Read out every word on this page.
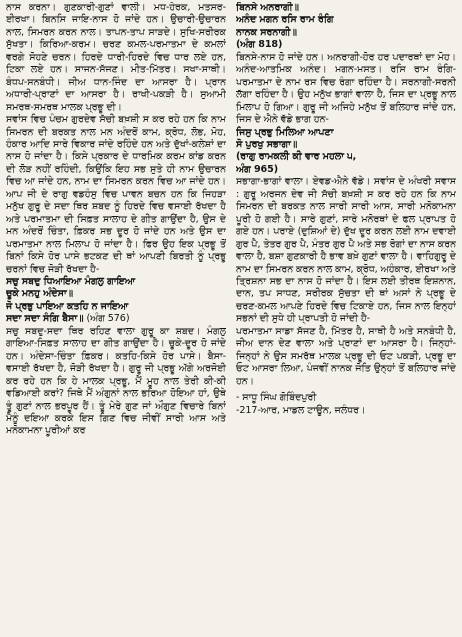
ਨਾਸ ਕਰਨਾ। ਗੁਣਕਾਰੀ-ਗੁਣਾਂ ਵਾਲੀ। ਮਧ-ਹੇਰਕ, ਮਤਸਰ-ਈਰਖਾ। ਬਿਨਸਿ ਜਾਇ-ਨਾਸ ਹੋ ਜਾਂਦੇ ਹਨ। ਉਚਾਰੀ-ਉਚਾਰਨ ਨਾਲ, ਸਿਮਰਨ ਕਰਨ ਨਾਲ। ਤਾਪਨ-ਤਾਪ ਸਾੜਦੇ। ਸੁਖਿ-ਸਰੀਰਕ ਸੁੱਖਤਾ। ਕਿਰਿਆ-ਕਰਮ। ਚਰਣ ਕਮਲ-ਪਰਮਾਤਮਾ ਦੇ ਕਮਲਾਂ ਵਰਗੇ ਸੋਹਣੇ ਚਰਨ। ਹਿਰਦੇ ਧਾਰੀ-ਹਿਰਦੇ ਵਿਚ ਧਾਰ ਲਏ ਹਨ, ਟਿਕਾ ਲਏ ਹਨ। ਸਾਜਨ-ਸੱਜਣ। ਮੀਤ-ਮਿੱਤਰ। ਸਖਾ-ਸਾਥੀ। ਬੰਧਪ-ਸਨਬੰਧੀ। ਜੀਅ ਧਾਨ-ਜਿੰਦ ਦਾ ਆਸਰਾ ਹੈ। ਪ੍ਰਾਨ ਅਧਾਰੀ-ਪ੍ਰਾਣਾਂ ਦਾ ਆਸਰਾ ਹੈ। ਰਾਖੀ-ਪਕੜੀ ਹੈ। ਸੁਆਮੀ ਸਮਰਥ-ਸਮਰਥ ਮਾਲਕ ਪ੍ਰਭੂ ਦੀ।

ਸਵਾਂਸ ਵਿਚ ਪੰਚਮ ਗੁਰਦੇਵ ਸੱਚੀ ਬਖ਼ਸ਼ੀ ਸ ਕਰ ਰਹੇ ਹਨ ਕਿ ਨਾਮ ਸਿਮਰਨ ਦੀ ਬਰਕਤ ਨਾਲ ਮਨ ਅੰਦਰੋਂ ਕਾਮ, ਕ੍ਰੋਧ, ਲੋਭ, ਮੋਹ, ਹੰਕਾਰ ਆਦਿ ਸਾਰੇ ਵਿਕਾਰ ਜਾਂਦੇ ਰਹਿੰਦੇ ਹਨ ਅਤੇ ਦੁੱਖਾਂ-ਕਲੇਸ਼ਾਂ ਦਾ ਨਾਸ ਹੋ ਜਾਂਦਾ ਹੈ। ਕਿਸੇ ਪ੍ਰਕਾਰ ਦੇ ਧਾਰਮਿਕ ਕਰਮ ਕਾਂਡ ਕਰਨ ਦੀ ਲੋੜ ਨਹੀਂ ਰਹਿੰਦੀ, ਕਿਉਂਕਿ ਇਹ ਸਭ ਸੁਤੇ ਹੀ ਨਾਮ ਉਚਾਰਨ ਵਿਚ ਆ ਜਾਂਦੇ ਹਨ, ਨਾਮ ਦਾ ਸਿਮਰਨ ਕਰਨ ਵਿਚ ਆ ਜਾਂਦੇ ਹਨ। ਆਪ ਜੀ ਦੇ ਰਾਗੁ ਵਡਹੰਸੁ ਵਿਚ ਪਾਵਨ ਬਚਨ ਹਨ ਕਿ ਜਿਹੜਾ ਮਨੁੱਖ ਗੁਰੂ ਦੇ ਸਦਾ ਥਿਰ ਸ਼ਬਦ ਨੂੰ ਹਿਰਦੇ ਵਿਚ ਵਸਾਈ ਰੱਖਦਾ ਹੈ ਅਤੇ ਪਰਮਾਤਮਾ ਦੀ ਸਿਫ਼ਤ ਸਾਲਾਹ ਦੇ ਗੀਤ ਗਾਉਂਦਾ ਹੈ, ਉਸ ਦੇ ਮਨ ਅੰਦਰੋਂ ਚਿੰਤਾ, ਫ਼ਿਕਰ ਸਭ ਦੂਰ ਹੋ ਜਾਂਦੇ ਹਨ ਅਤੇ ਉਸ ਦਾ ਪਰਮਾਤਮਾ ਨਾਲ ਮਿਲਾਪ ਹੋ ਜਾਂਦਾ ਹੈ। ਫਿਰ ਉਹ ਇਕ ਪ੍ਰਭੂ ਤੋਂ ਬਿਨਾਂ ਕਿਸੇ ਹੋਰ ਪਾਸੇ ਭਟਕਣ ਦੀ ਥਾਂ ਆਪਣੀ ਬਿਰਤੀ ਨੂੰ ਪ੍ਰਭੂ ਚਰਨਾਂ ਵਿਚ ਜੋੜੀ ਰੱਖਦਾ ਹੈ-

ਸਚੁ ਸਬਦੁ ਧਿਆਇਆ ਮੰਗਲੁ ਗਾਇਆ

ਚੂਕੇ ਮਨਹੁ ਅੰਦੇਸਾ॥

ਜੋ ਪ੍ਰਭੁ ਪਾਇਆ ਕਤਹਿ ਨ ਜਾਇਆ

ਸਦਾ ਸਦਾ ਸੰਗਿ ਬੈਸਾ॥ (ਅੰਗ 576)

ਸਚੁ ਸਬਦੁ-ਸਦਾ ਥਿਰ ਰਹਿਣ ਵਾਲਾ ਗੁਰੂ ਕਾ ਸ਼ਬਦ। ਮੰਗਲੁ ਗਾਇਆ-ਸਿਫ਼ਤ ਸਾਲਾਹ ਦਾ ਗੀਤ ਗਾਉਂਦਾ ਹੈ। ਚੂਕੇ-ਦੂਰ ਹੋ ਜਾਂਦੇ ਹਨ। ਅੰਦੇਸਾ-ਚਿੰਤਾ ਫ਼ਿਕਰ। ਕਤਹਿ-ਕਿਸੇ ਹੋਰ ਪਾਸੇ। ਬੈਸਾ-ਵਸਾਈ ਰੱਖਦਾ ਹੈ, ਜੋੜੀ ਰੱਖਦਾ ਹੈ। ਗੁਰੂ ਜੀ ਪ੍ਰਭੂ ਅੱਗੇ ਅਰਜੋਈ ਕਰ ਰਹੇ ਹਨ ਕਿ ਹੇ ਮਾਲਕ ਪ੍ਰਭੂ, ਮੈਂ ਮੂਹ ਨਾਲ ਤੇਰੀ ਕੀ-ਕੀ ਵਡਿਆਈ ਕਰਾਂ? ਜਿਥੇ ਮੈਂ ਅੰਗੁਨਾਂ ਨਾਲ ਭਰਿਆ ਹੋਇਆ ਹਾਂ, ਉਥੇ ਤੂੰ ਗੁਣਾਂ ਨਾਲ ਭਰਪੂਰ ਹੈਂ। ਤੂੰ ਮੇਰੇ ਗੁਣ ਜਾਂ ਔਗੁਣ ਵਿਚਾਰੇ ਬਿਨਾਂ ਮੈਨੂੰ ਦਇਆ ਕਰਕੇ ਇਸ ਗਿਣ ਵਿਚ ਜੀਵੀਂ ਸਾਰੀ ਆਸ ਅਤੇ ਮਨੋਕਾਮਨਾ ਪੂਰੀਆਂ ਕਰ

ਬਿਨਸੇ ਅਨਰਾਗੀ॥

ਅਨੰਦ ਮਗਨ ਰਸਿ ਰਾਮ ਰੰਗਿ

ਨਾਨਕ ਸਰਨਾਗੀ॥

(ਅੰਗ 818)

ਬਿਨਸੇ-ਨਾਸ ਹੋ ਜਾਂਦੇ ਹਨ। ਅਨਰਾਗੀ-ਹੋਰ ਹਰ ਪਦਾਰਥਾਂ ਦਾ ਮੋਹ। ਅਨੰਦ-ਆਤਮਿਕ ਅਨੰਦ। ਮਗਨ-ਮਸਤ। ਰਸਿ ਰਾਮ ਰੰਗਿ-ਪਰਮਾਤਮਾ ਦੇ ਨਾਮ ਰਸ ਵਿਚ ਰੰਗਾ ਰਹਿੰਦਾ ਹੈ। ਸਰਨਾਗੀ-ਸਰਨੀ ਲੱਗਾ ਰਹਿੰਦਾ ਹੈ। ਉਹ ਮਨੁੱਖ ਭਾਗਾਂ ਵਾਲਾ ਹੈ, ਜਿਸ ਦਾ ਪ੍ਰਭੂ ਨਾਲ ਮਿਲਾਪ ਹੋ ਗਿਆ। ਗੁਰੂ ਜੀ ਅਜਿਹੇ ਮਨੁੱਖ ਤੋਂ ਬਲਿਹਾਰ ਜਾਂਦੇ ਹਨ, ਜਿਸ ਦੇ ਐਨੇ ਵੱਡੇ ਭਾਗ ਹਨ-

ਜਿਸੁ ਪ੍ਰਭੁ ਮਿਲਿਆ ਆਪਣਾ

ਸੋ ਪੁਰਖੁ ਸਭਾਗਾ॥

(ਰਾਗੁ ਰਾਮਕਲੀ ਕੀ ਵਾਰ ਮਹਲਾ ੫,

ਅੰਗ 965)

ਸਭਾਗਾ-ਭਾਗਾਂ ਵਾਲਾ। ਏਵਡ-ਐਨੇ ਵੱਡੇ। ਸਵਾਂਸ ਦੇ ਅੰਖਰੀ ਸਵਾਸ : ਗੁਰੂ ਅਰਜਨ ਦੇਵ ਜੀ ਸੱਚੀ ਬਖ਼ਸ਼ੀ ਸ ਕਰ ਰਹੇ ਹਨ ਕਿ ਨਾਮ ਸਿਮਰਨ ਦੀ ਬਰਕਤ ਨਾਲ ਸਾਰੀ ਸਾਰੀ ਆਸ, ਸਾਰੀ ਮਨੋਕਾਮਨਾ ਪੂਰੀ ਹੋ ਗਈ ਹੈ। ਸਾਰੇ ਗੁਣਾਂ, ਸਾਰੇ ਮਨੋਰਥਾਂ ਦੇ ਫਲ ਪ੍ਰਾਪਤ ਹੋ ਗਏ ਹਨ। ਪਰਾਏ (ਦੁਸ਼ਿਆਂ ਦੇ) ਦੁੱਖ ਦੂਰ ਕਰਨ ਲਈ ਨਾਮ ਦਵਾਈ ਗੁਰ ਪੈ, ਤੇਤਰ ਗੁਰ ਪੈ, ਮੰਤਰ ਗੁਰ ਪੈ ਅਤੇ ਸਭ ਰੋਗਾਂ ਦਾ ਨਾਸ ਕਰਨ ਵਾਲਾ ਹੈ, ਬਸ਼ਾ ਗੁਣਕਾਰੀ ਹੈ ਭਾਵ ਬਖ਼ੇ ਗੁਣਾਂ ਵਾਲਾ ਹੈ। ਵਾਹਿਗੁਰੂ ਦੇ ਨਾਮ ਦਾ ਸਿਮਰਨ ਕਰਨ ਨਾਲ ਕਾਮ, ਕ੍ਰੋਧ, ਅਹੰਕਾਰ, ਈਰਖਾ ਅਤੇ ਤ੍ਰਿਸ਼ਨਾ ਸਭ ਦਾ ਨਾਸ ਹੋ ਜਾਂਦਾ ਹੈ। ਇਸ ਲਈ ਤੀਰਥ ਇਸ਼ਨਾਨ, ਦਾਨ, ਤਪ ਸਾਧਣ, ਸਰੀਰਕ ਸੁੱਚਤਾ ਦੀ ਥਾਂ ਅਸਾਂ ਨੇ ਪ੍ਰਭੂ ਦੇ ਚਰਣ-ਕਮਲ ਆਪਣੇ ਹਿਰਦੇ ਵਿਚ ਟਿਕਾਏ ਹਨ, ਜਿਸ ਨਾਲ ਇਨ੍ਹਾਂ ਸਭਨਾਂ ਦੀ ਸੁਧੇ ਹੀ ਪ੍ਰਾਪਤੀ ਹੋ ਜਾਂਦੀ ਹੈ-

ਪਰਮਾਤਮਾ ਸਾਡਾ ਸੱਜਣ ਹੈ, ਮਿੱਤਰ ਹੈ, ਸਾਥੀ ਹੈ ਅਤੇ ਸਨਬੰਧੀ ਹੈ, ਜੀਅ ਦਾਨ ਦੇਣ ਵਾਲਾ ਅਤੇ ਪ੍ਰਾਣਾਂ ਦਾ ਆਸਰਾ ਹੈ। ਜਿਨ੍ਹਾਂ-ਜਿਨ੍ਹਾਂ ਨੇ ਉਸ ਸਮਰੱਥ ਮਾਲਕ ਪ੍ਰਭੂ ਦੀ ਓਟ ਪਕੜੀ, ਪ੍ਰਭੂ ਦਾ ਓਟ ਆਸਰਾ ਲਿਆ, ਪੰਜਵੀਂ ਨਾਨਕ ਜੋਤਿ ਉਨ੍ਹਾਂ ਤੋਂ ਬਲਿਹਾਰ ਜਾਂਦੇ ਹਨ।

- ਸਾਧੂ ਸਿੰਘ ਗੋਬਿੰਦਪੁਰੀ

-217-ਆਰ, ਮਾਡਲ ਟਾਊਨ, ਜਲੰਧਰ।
